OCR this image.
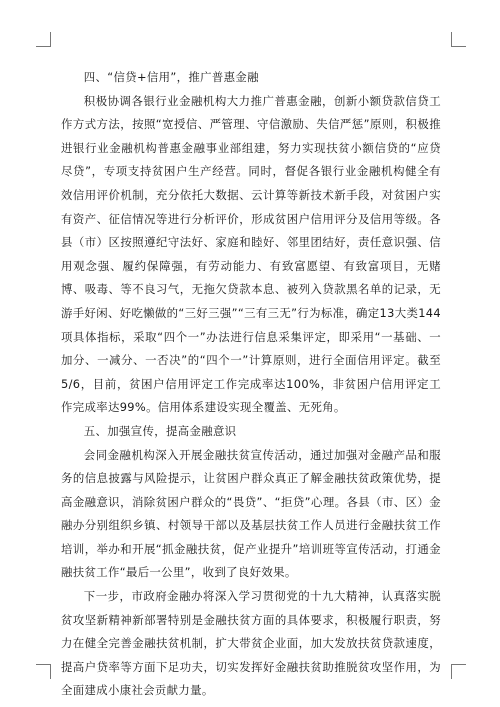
四、“信贷+信用”，推广普惠金融

积极协调各银行业金融机构大力推广普惠金融，创新小额贷款信贷工作方式方法，按照“宽授信、严管理、守信激励、失信严惩”原则，积极推进银行业金融机构普惠金融事业部组建，努力实现扶贫小额信贷的“应贷尽贷”，专项支持贫困户生产经营。同时，督促各银行业金融机构健全有效信用评价机制，充分依托大数据、云计算等新技术新手段，对贫困户实有资产、征信情况等进行分析评价，形成贫困户信用评分及信用等级。各县（市）区按照遵纪守法好、家庭和睦好、邻里团结好，责任意识强、信用观念强、履约保障强，有劳动能力、有致富愿望、有致富项目，无赌博、吸毒、等不良习气，无拖欠贷款本息、被列入贷款黑名单的记录，无游手好闲、好吃懒做的“三好三强”“三有三无”行为标准，确定13大类144项具体指标，采取“四个一”办法进行信息采集评定，即采用“一基础、一加分、一减分、一否决”的“四个一”计算原则，进行全面信用评定。截至5/6，目前，贫困户信用评定工作完成率达100%，非贫困户信用评定工作完成率达99%。信用体系建设实现全覆盖、无死角。

五、加强宣传，提高金融意识

会同金融机构深入开展金融扶贫宣传活动，通过加强对金融产品和服务的信息披露与风险提示，让贫困户群众真正了解金融扶贫政策优势，提高金融意识，消除贫困户群众的“畏贷”、“拒贷”心理。各县（市、区）金融办分别组织乡镇、村领导干部以及基层扶贫工作人员进行金融扶贫工作培训，举办和开展“抓金融扶贫，促产业提升”培训班等宣传活动，打通金融扶贫工作“最后一公里”，收到了良好效果。

下一步，市政府金融办将深入学习贯彻党的十九大精神，认真落实脱贫攻坚新精神新部署特别是金融扶贫方面的具体要求，积极履行职责，努力在健全完善金融扶贫机制，扩大带贫企业面，加大发放扶贫贷款速度，提高户贷率等方面下足功夫，切实发挥好金融扶贫助推脱贫攻坚作用，为全面建成小康社会贡献力量。
